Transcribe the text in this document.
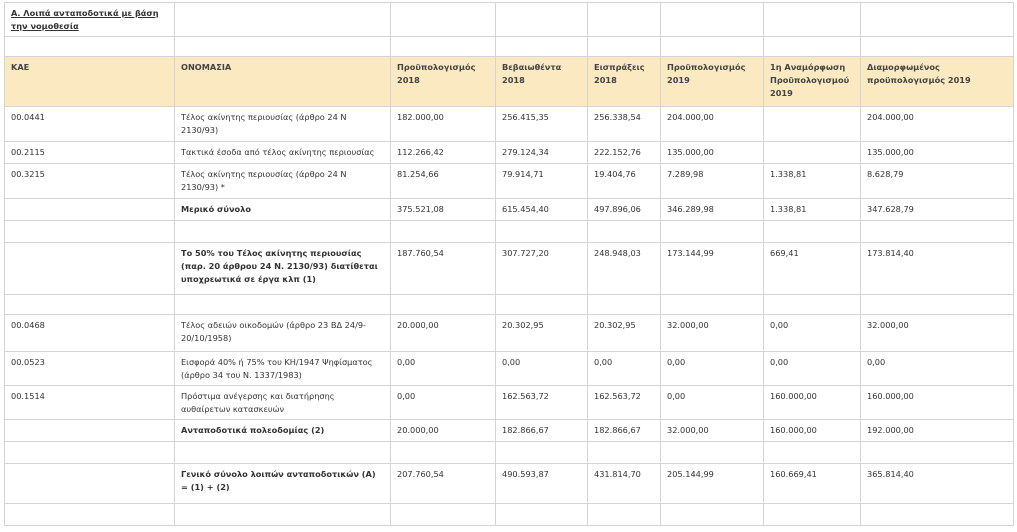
Α. Λοιπά ανταποδοτικά με βάση την νομοθεσία							

ΚΑΕ	ΟΝΟΜΑΣΙΑ	Προϋπολογισμός 2018	Βεβαιωθέντα 2018	Εισπράξεις 2018	Προϋπολογισμός 2019	1η Αναμόρφωση Προϋπολογισμού 2019	Διαμορφωμένος προϋπολογισμός 2019
00.0441	Τέλος ακίνητης περιουσίας (άρθρο 24 Ν 2130/93)	182.000,00	256.415,35	256.338,54	204.000,00		204.000,00
00.2115	Τακτικά έσοδα από τέλος ακίνητης περιουσίας	112.266,42	279.124,34	222.152,76	135.000,00		135.000,00
00.3215	Τέλος ακίνητης περιουσίας (άρθρο 24 Ν 2130/93) *	81.254,66	79.914,71	19.404,76	7.289,98	1.338,81	8.628,79
	Μερικό σύνολο	375.521,08	615.454,40	497.896,06	346.289,98	1.338,81	347.628,79

	Το 50% του Τέλος ακίνητης περιουσίας (παρ. 20 άρθρου 24 Ν. 2130/93) διατίθεται υποχρεωτικά σε έργα κλπ (1)	187.760,54	307.727,20	248.948,03	173.144,99	669,41	173.814,40

00.0468	Τέλος αδειών οικοδομών (άρθρο 23 ΒΔ 24/9-20/10/1958)	20.000,00	20.302,95	20.302,95	32.000,00	0,00	32.000,00
00.0523	Εισφορά 40% ή 75% του ΚΗ/1947 Ψηφίσματος (άρθρο 34 του Ν. 1337/1983)	0,00	0,00	0,00	0,00	0,00	0,00
00.1514	Πρόστιμα ανέγερσης και διατήρησης αυθαίρετων κατασκευών	0,00	162.563,72	162.563,72	0,00	160.000,00	160.000,00
	Ανταποδοτικά πολεοδομίας (2)	20.000,00	182.866,67	182.866,67	32.000,00	160.000,00	192.000,00

	Γενικό σύνολο λοιπών ανταποδοτικών (Α) = (1) + (2)	207.760,54	490.593,87	431.814,70	205.144,99	160.669,41	365.814,40
